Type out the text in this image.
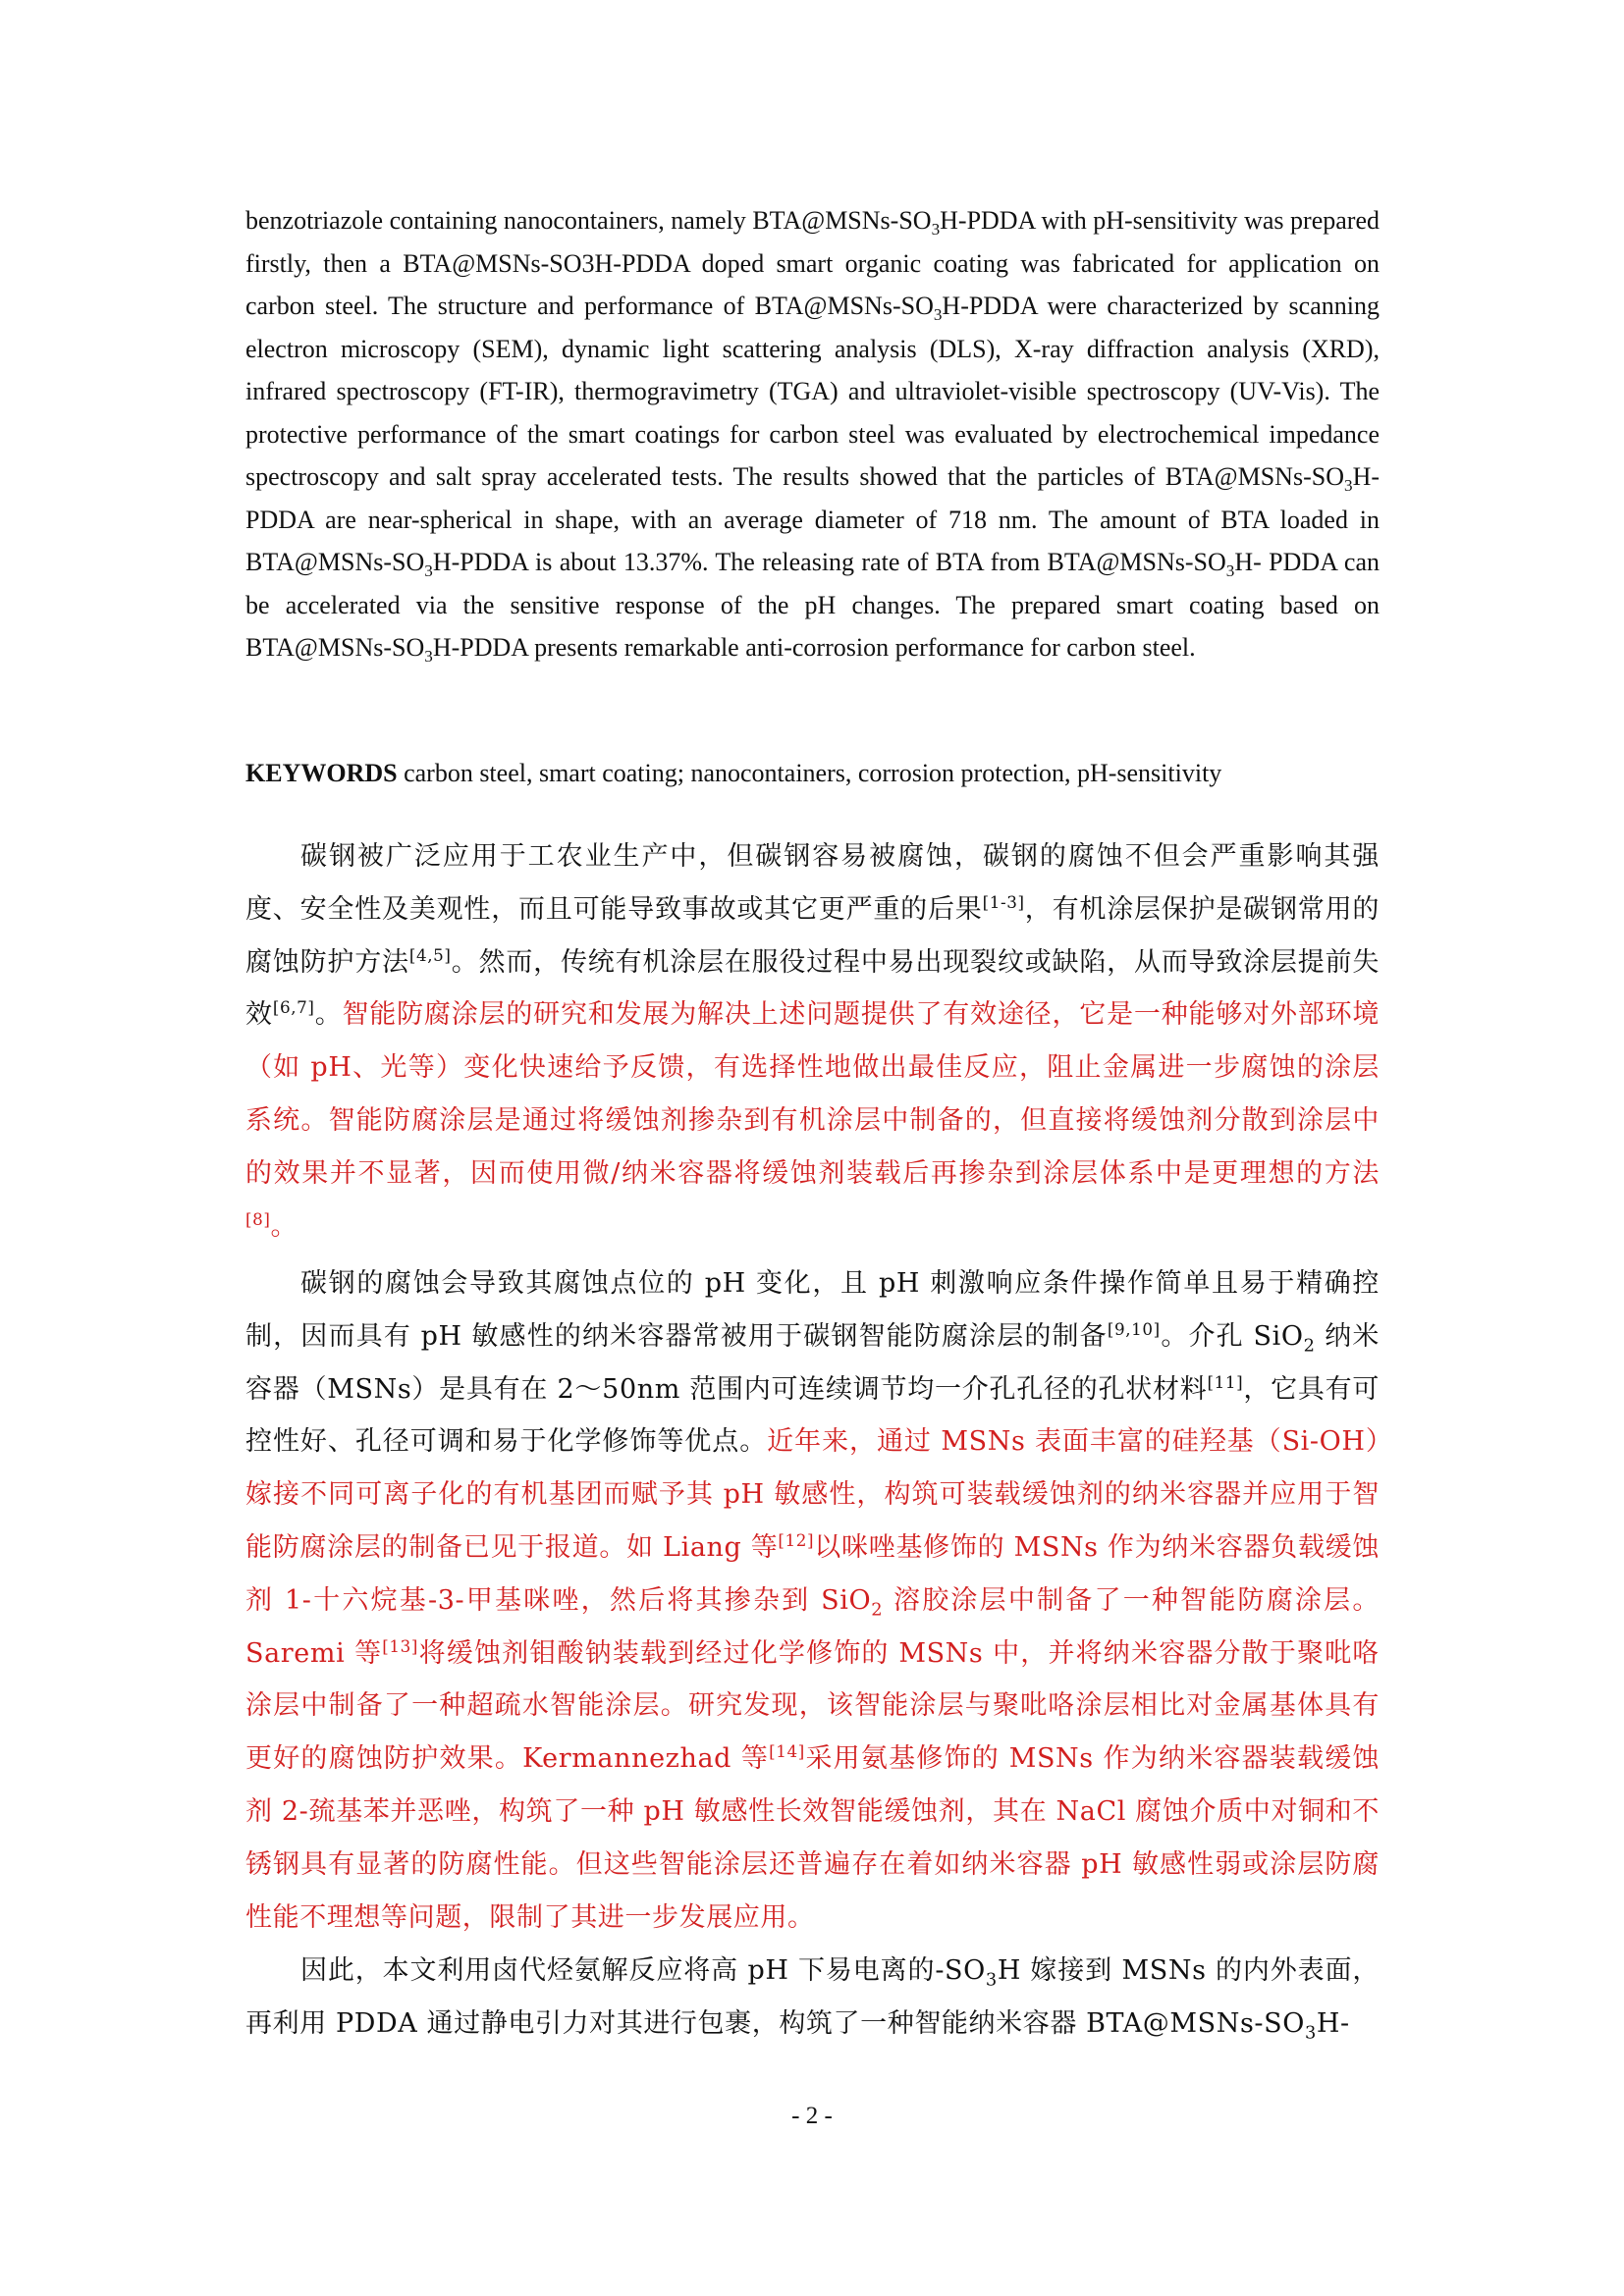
benzotriazole containing nanocontainers, namely $BTA@MSNs-SO_3H$-PDDA with pH-sensitivity was prepared firstly, then a BTA@MSNs-SO3H-PDDA doped smart organic coating was fabricated for application on carbon steel. The structure and performance of $BTA@MSNs-SO_3H$-PDDA were characterized by scanning electron microscopy (SEM), dynamic light scattering analysis (DLS), X-ray diffraction analysis (XRD), infrared spectroscopy (FT-IR), thermogravimetry (TGA) and ultraviolet-visible spectroscopy (UV-Vis). The protective performance of the smart coatings for carbon steel was evaluated by electrochemical impedance spectroscopy and salt spray accelerated tests. The results showed that the particles of $BTA@MSNs-SO_3H$-PDDA are near-spherical in shape, with an average diameter of 718 nm. The amount of BTA loaded in $BTA@MSNs-SO_3H$-PDDA is about 13.37%. The releasing rate of BTA from $BTA@MSNs-SO_3H-$ PDDA can be accelerated via the sensitive response of the pH changes. The prepared smart coating based on $BTA@MSNs-SO_3H$-PDDA presents remarkable anti-corrosion performance for carbon steel.

KEYWORDS carbon steel, smart coating; nanocontainers, corrosion protection, pH-sensitivity

碳钢被广泛应用于工农业生产中，但碳钢容易被腐蚀，碳钢的腐蚀不但会严重影响其强度、安全性及美观性，而且可能导致事故或其它更严重的后果[1-3]，有机涂层保护是碳钢常用的腐蚀防护方法[4,5]。然而，传统有机涂层在服役过程中易出现裂纹或缺陷，从而导致涂层提前失效[6,7]。智能防腐涂层的研究和发展为解决上述问题提供了有效途径，它是一种能够对外部环境（如 pH、光等）变化快速给予反馈，有选择性地做出最佳反应，阻止金属进一步腐蚀的涂层系统。智能防腐涂层是通过将缓蚀剂掺杂到有机涂层中制备的，但直接将缓蚀剂分散到涂层中的效果并不显著，因而使用微/纳米容器将缓蚀剂装载后再掺杂到涂层体系中是更理想的方法[8]。

碳钢的腐蚀会导致其腐蚀点位的 pH 变化，且 pH 刺激响应条件操作简单且易于精确控制，因而具有 pH 敏感性的纳米容器常被用于碳钢智能防腐涂层的制备[9,10]。介孔 SiO$_2$ 纳米容器（MSNs）是具有在 2～50nm 范围内可连续调节均一介孔孔径的孔状材料[11]，它具有可控性好、孔径可调和易于化学修饰等优点。近年来，通过 MSNs 表面丰富的硅羟基（Si-OH）嫁接不同可离子化的有机基团而赋予其 pH 敏感性，构筑可装载缓蚀剂的纳米容器并应用于智能防腐涂层的制备已见于报道。如 Liang 等[12]以咪唑基修饰的 MSNs 作为纳米容器负载缓蚀剂 1-十六烷基-3-甲基咪唑，然后将其掺杂到 SiO$_2$ 溶胶涂层中制备了一种智能防腐涂层。Saremi 等[13]将缓蚀剂钼酸钠装载到经过化学修饰的 MSNs 中，并将纳米容器分散于聚吡咯涂层中制备了一种超疏水智能涂层。研究发现，该智能涂层与聚吡咯涂层相比对金属基体具有更好的腐蚀防护效果。Kermannezhad 等[14]采用氨基修饰的 MSNs 作为纳米容器装载缓蚀剂 2-巯基苯并恶唑，构筑了一种 pH 敏感性长效智能缓蚀剂，其在 NaCl 腐蚀介质中对铜和不锈钢具有显著的防腐性能。但这些智能涂层还普遍存在着如纳米容器 pH 敏感性弱或涂层防腐性能不理想等问题，限制了其进一步发展应用。

因此，本文利用卤代烃氨解反应将高 pH 下易电离的$-SO_3H$ 嫁接到 MSNs 的内外表面，再利用 PDDA 通过静电引力对其进行包裹，构筑了一种智能纳米容器 $BTA@MSNs-SO_3H-$

- 2 -
